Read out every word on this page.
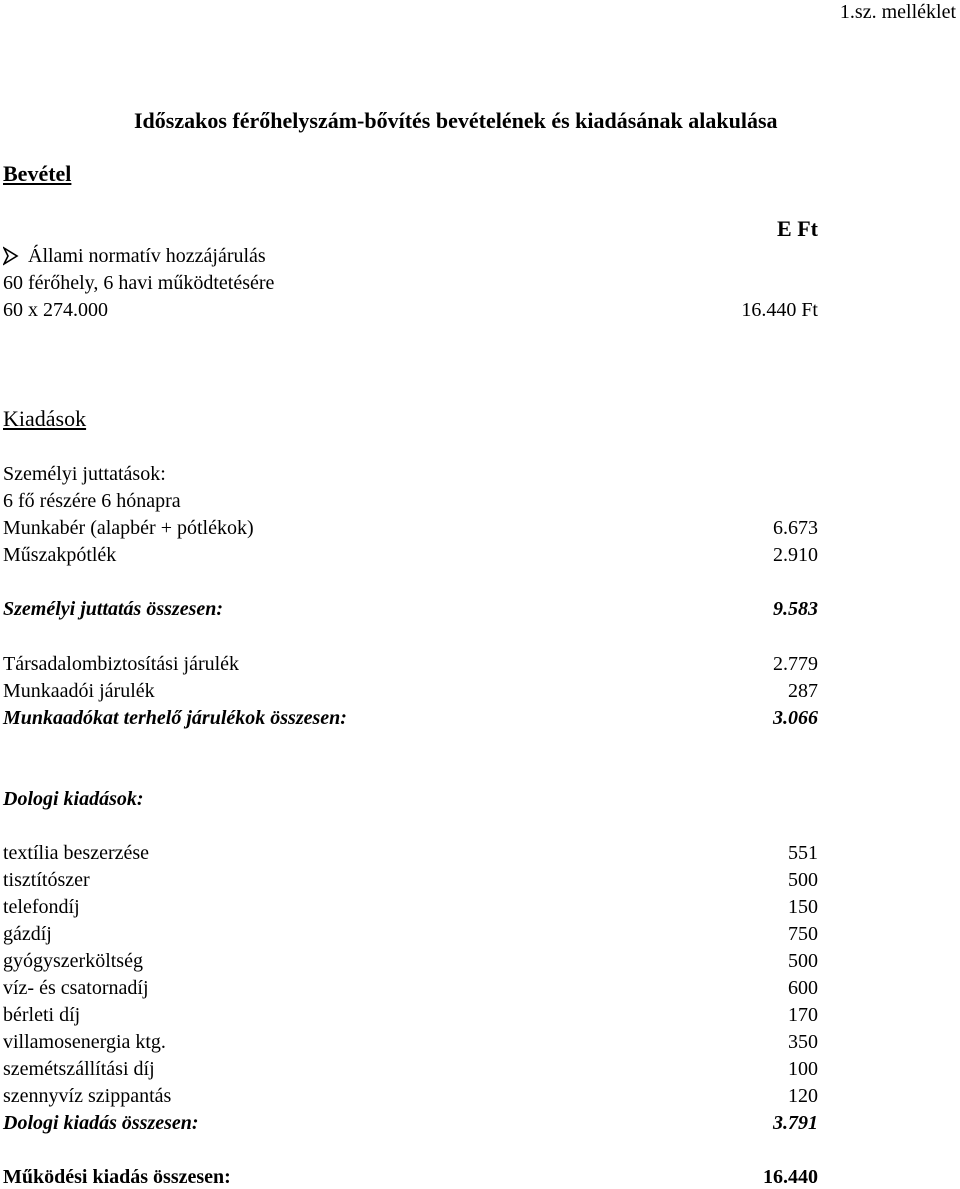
1.sz. melléklet
Időszakos férőhelyszám-bővítés bevételének és kiadásának alakulása
Bevétel
E Ft
Állami normatív hozzájárulás
60 férőhely, 6 havi működtetésére
60 x 274.000	16.440 Ft
Kiadások
Személyi juttatások:
6 fő részére 6 hónapra
Munkabér (alapbér + pótlékok)	6.673
Műszakpótlék	2.910
Személyi juttatás összesen:	9.583
Társadalombiztosítási járulék	2.779
Munkaadói járulék	287
Munkaadókat terhelő járulékok összesen:	3.066
Dologi kiadások:
textília beszerzése	551
tisztítószer	500
telefondíj	150
gázdíj	750
gyógyszerköltség	500
víz- és csatornadíj	600
bérleti díj	170
villamosenergia ktg.	350
szemétszállítási díj	100
szennyvíz szippantás	120
Dologi kiadás összesen:	3.791
Működési kiadás összesen:	16.440
